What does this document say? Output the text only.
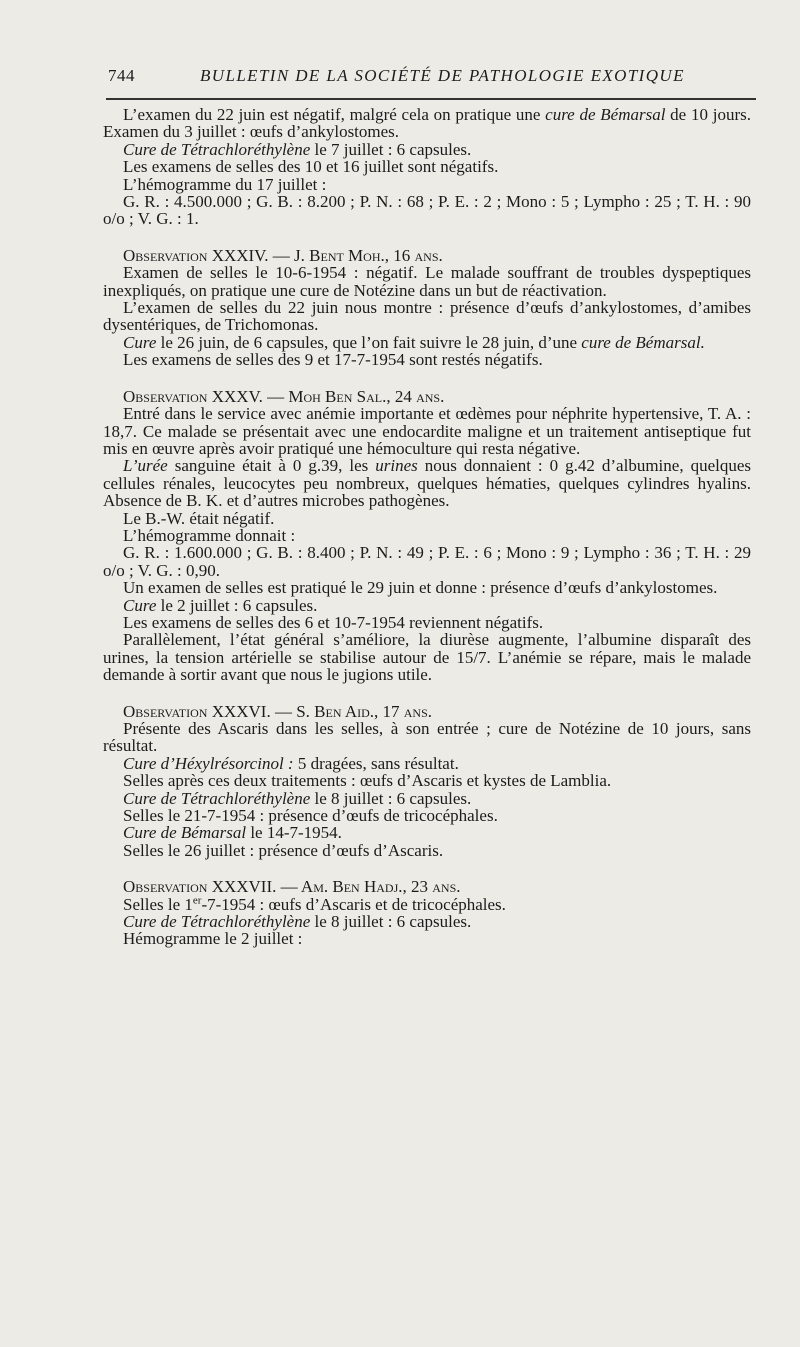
744	BULLETIN DE LA SOCIÉTÉ DE PATHOLOGIE EXOTIQUE

L’examen du 22 juin est négatif, malgré cela on pratique une cure de Bémarsal de 10 jours. Examen du 3 juillet : œufs d’ankylostomes.

Cure de Tétrachloréthylène le 7 juillet : 6 capsules.

Les examens de selles des 10 et 16 juillet sont négatifs.

L’hémogramme du 17 juillet :

G. R. : 4.500.000 ; G. B. : 8.200 ; P. N. : 68 ; P. E. : 2 ; Mono : 5 ; Lympho : 25 ; T. H. : 90 o/o ; V. G. : 1.

Observation XXXIV. — J. Bent Moh., 16 ans.

Examen de selles le 10-6-1954 : négatif. Le malade souffrant de troubles dyspeptiques inexpliqués, on pratique une cure de Notézine dans un but de réactivation.

L’examen de selles du 22 juin nous montre : présence d’œufs d’ankylostomes, d’amibes dysentériques, de Trichomonas.

Cure le 26 juin, de 6 capsules, que l’on fait suivre le 28 juin, d’une cure de Bémarsal.

Les examens de selles des 9 et 17-7-1954 sont restés négatifs.

Observation XXXV. — Moh Ben Sal., 24 ans.

Entré dans le service avec anémie importante et œdèmes pour néphrite hypertensive, T. A. : 18,7. Ce malade se présentait avec une endocardite maligne et un traitement antiseptique fut mis en œuvre après avoir pratiqué une hémoculture qui resta négative.

L’urée sanguine était à 0 g.39, les urines nous donnaient : 0 g.42 d’albumine, quelques cellules rénales, leucocytes peu nombreux, quelques hématies, quelques cylindres hyalins. Absence de B. K. et d’autres microbes pathogènes.

Le B.-W. était négatif.

L’hémogramme donnait :

G. R. : 1.600.000 ; G. B. : 8.400 ; P. N. : 49 ; P. E. : 6 ; Mono : 9 ; Lympho : 36 ; T. H. : 29 o/o ; V. G. : 0,90.

Un examen de selles est pratiqué le 29 juin et donne : présence d’œufs d’ankylostomes.

Cure le 2 juillet : 6 capsules.

Les examens de selles des 6 et 10-7-1954 reviennent négatifs.

Parallèlement, l’état général s’améliore, la diurèse augmente, l’albumine disparaît des urines, la tension artérielle se stabilise autour de 15/7. L’anémie se répare, mais le malade demande à sortir avant que nous le jugions utile.

Observation XXXVI. — S. Ben Aid., 17 ans.

Présente des Ascaris dans les selles, à son entrée ; cure de Notézine de 10 jours, sans résultat.

Cure d’Héxylrésorcinol : 5 dragées, sans résultat.

Selles après ces deux traitements : œufs d’Ascaris et kystes de Lamblia.

Cure de Tétrachloréthylène le 8 juillet : 6 capsules.

Selles le 21-7-1954 : présence d’œufs de tricocéphales.

Cure de Bémarsal le 14-7-1954.

Selles le 26 juillet : présence d’œufs d’Ascaris.

Observation XXXVII. — Am. Ben Hadj., 23 ans.

Selles le 1er-7-1954 : œufs d’Ascaris et de tricocéphales.

Cure de Tétrachloréthylène le 8 juillet : 6 capsules.

Hémogramme le 2 juillet :
